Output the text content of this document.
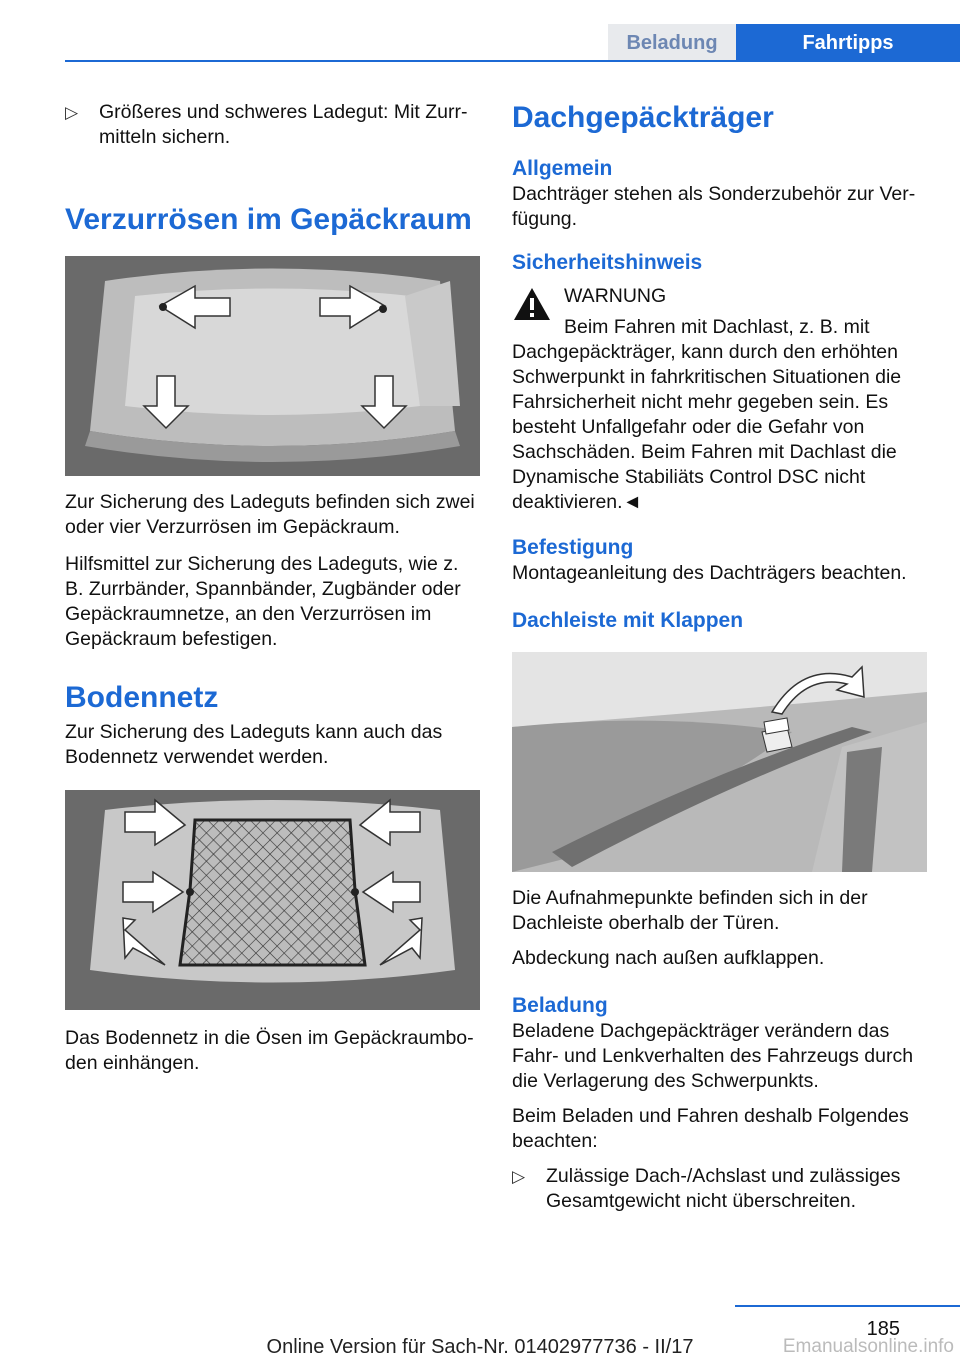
Beladung	Fahrtipps
▷	Größeres und schweres Ladegut: Mit Zurrmitteln sichern.

Verzurrösen im Gepäckraum

Zur Sicherung des Ladeguts befinden sich zwei oder vier Verzurrösen im Gepäckraum.

Hilfsmittel zur Sicherung des Ladeguts, wie z. B. Zurrbänder, Spannbänder, Zugbänder oder Gepäckraumnetze, an den Verzurrösen im Gepäckraum befestigen.

Bodennetz

Zur Sicherung des Ladeguts kann auch das Bodennetz verwendet werden.

Das Bodennetz in die Ösen im Gepäckraumboden einhängen.

Dachgepäckträger
Allgemein

Dachträger stehen als Sonderzubehör zur Verfügung.

Sicherheitshinweis

WARNUNG

Beim Fahren mit Dachlast, z. B. mit

Dachgepäckträger, kann durch den erhöhten Schwerpunkt in fahrkritischen Situationen die Fahrsicherheit nicht mehr gegeben sein. Es besteht Unfallgefahr oder die Gefahr von Sachschäden. Beim Fahren mit Dachlast die Dynamische Stabiliäts Control DSC nicht deaktivieren.◄

Befestigung

Montageanleitung des Dachträgers beachten.

Dachleiste mit Klappen

Die Aufnahmepunkte befinden sich in der Dachleiste oberhalb der Türen.

Abdeckung nach außen aufklappen.

Beladung

Beladene Dachgepäckträger verändern das Fahr- und Lenkverhalten des Fahrzeugs durch die Verlagerung des Schwerpunkts.

Beim Beladen und Fahren deshalb Folgendes beachten:

▷	Zulässige Dach-/Achslast und zulässiges Gesamtgewicht nicht überschreiten.

185
Emanualsonline.info
Online Version für Sach-Nr. 01402977736 - II/17
